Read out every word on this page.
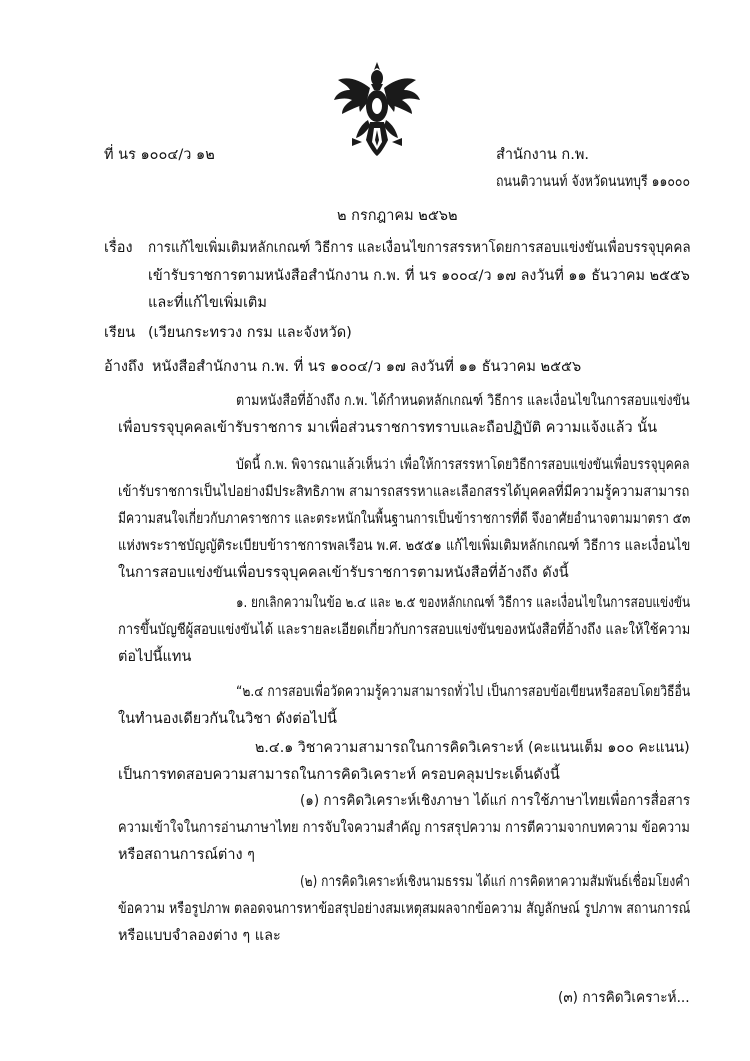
ที่ นร ๑๐๐๔/ว ๑๒	สำนักงาน ก.พ.
ถนนติวานนท์ จังหวัดนนทบุรี ๑๑๐๐๐
๒ กรกฎาคม ๒๕๖๒
เรื่อง การแก้ไขเพิ่มเติมหลักเกณฑ์ วิธีการ และเงื่อนไขการสรรหาโดยการสอบแข่งขันเพื่อบรรจุบุคคล
เข้ารับราชการตามหนังสือสำนักงาน ก.พ. ที่ นร ๑๐๐๔/ว ๑๗ ลงวันที่ ๑๑ ธันวาคม ๒๕๕๖
และที่แก้ไขเพิ่มเติม
เรียน (เวียนกระทรวง กรม และจังหวัด)
อ้างถึง หนังสือสำนักงาน ก.พ. ที่ นร ๑๐๐๔/ว ๑๗ ลงวันที่ ๑๑ ธันวาคม ๒๕๕๖
ตามหนังสือที่อ้างถึง ก.พ. ได้กำหนดหลักเกณฑ์ วิธีการ และเงื่อนไขในการสอบแข่งขัน
เพื่อบรรจุบุคคลเข้ารับราชการ มาเพื่อส่วนราชการทราบและถือปฏิบัติ ความแจ้งแล้ว นั้น
บัดนี้ ก.พ. พิจารณาแล้วเห็นว่า เพื่อให้การสรรหาโดยวิธีการสอบแข่งขันเพื่อบรรจุบุคคล
เข้ารับราชการเป็นไปอย่างมีประสิทธิภาพ สามารถสรรหาและเลือกสรรได้บุคคลที่มีความรู้ความสามารถ
มีความสนใจเกี่ยวกับภาคราชการ และตระหนักในพื้นฐานการเป็นข้าราชการที่ดี จึงอาศัยอำนาจตามมาตรา ๕๓
แห่งพระราชบัญญัติระเบียบข้าราชการพลเรือน พ.ศ. ๒๕๕๑ แก้ไขเพิ่มเติมหลักเกณฑ์ วิธีการ และเงื่อนไข
ในการสอบแข่งขันเพื่อบรรจุบุคคลเข้ารับราชการตามหนังสือที่อ้างถึง ดังนี้
๑. ยกเลิกความในข้อ ๒.๔ และ ๒.๕ ของหลักเกณฑ์ วิธีการ และเงื่อนไขในการสอบแข่งขัน
การขึ้นบัญชีผู้สอบแข่งขันได้ และรายละเอียดเกี่ยวกับการสอบแข่งขันของหนังสือที่อ้างถึง และให้ใช้ความ
ต่อไปนี้แทน
“๒.๔ การสอบเพื่อวัดความรู้ความสามารถทั่วไป เป็นการสอบข้อเขียนหรือสอบโดยวิธีอื่น
ในทำนองเดียวกันในวิชา ดังต่อไปนี้
๒.๔.๑ วิชาความสามารถในการคิดวิเคราะห์ (คะแนนเต็ม ๑๐๐ คะแนน)
เป็นการทดสอบความสามารถในการคิดวิเคราะห์ ครอบคลุมประเด็นดังนี้
(๑) การคิดวิเคราะห์เชิงภาษา ได้แก่ การใช้ภาษาไทยเพื่อการสื่อสาร
ความเข้าใจในการอ่านภาษาไทย การจับใจความสำคัญ การสรุปความ การตีความจากบทความ ข้อความ
หรือสถานการณ์ต่าง ๆ
(๒) การคิดวิเคราะห์เชิงนามธรรม ได้แก่ การคิดหาความสัมพันธ์เชื่อมโยงคำ
ข้อความ หรือรูปภาพ ตลอดจนการหาข้อสรุปอย่างสมเหตุสมผลจากข้อความ สัญลักษณ์ รูปภาพ สถานการณ์
หรือแบบจำลองต่าง ๆ และ
(๓) การคิดวิเคราะห์...
